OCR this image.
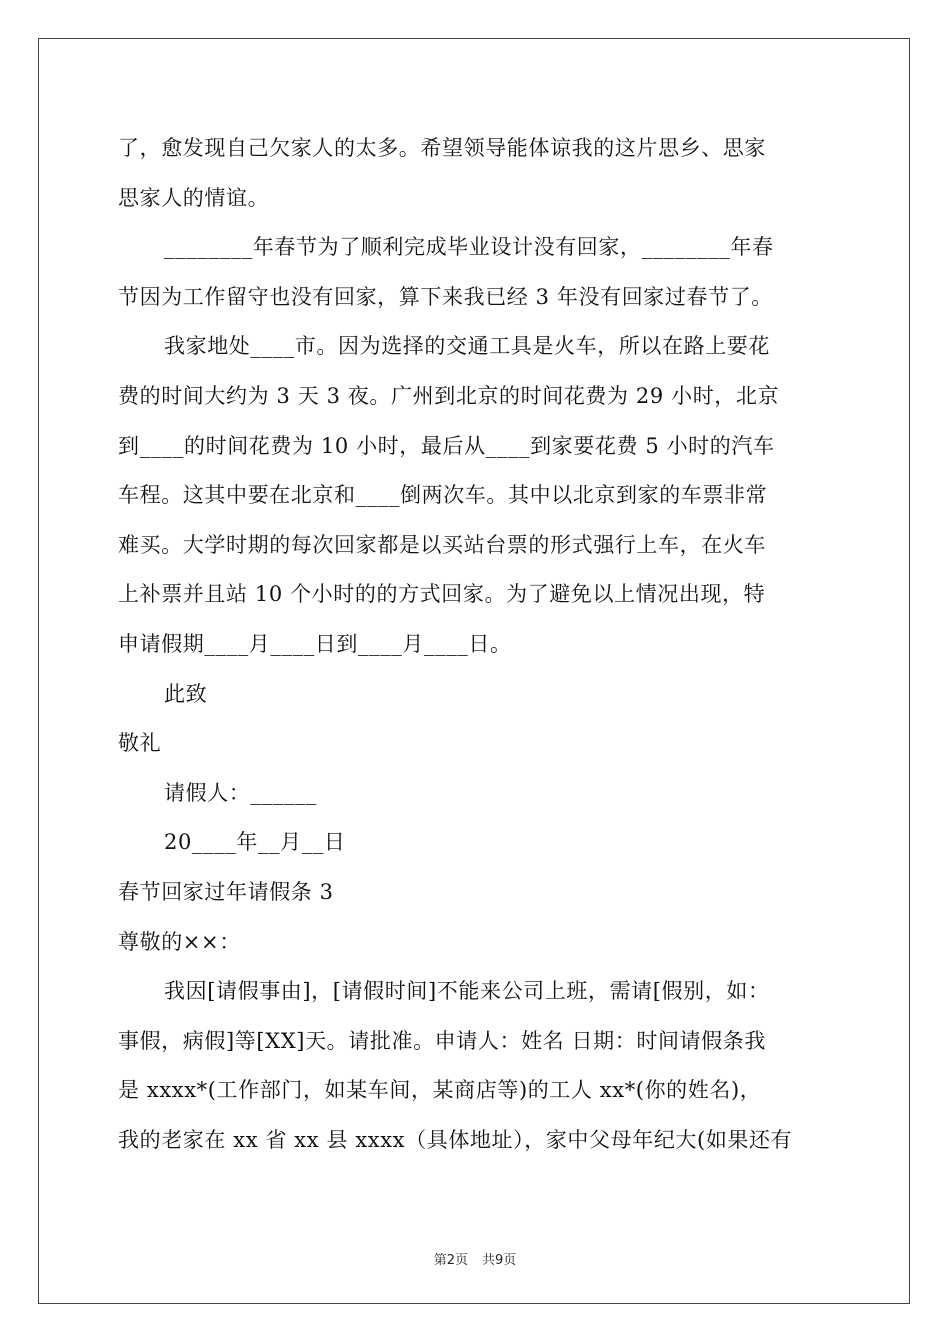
了，愈发现自己欠家人的太多。希望领导能体谅我的这片思乡、思家
思家人的情谊。
________年春节为了顺利完成毕业设计没有回家，________年春
节因为工作留守也没有回家，算下来我已经 3 年没有回家过春节了。
我家地处____市。因为选择的交通工具是火车，所以在路上要花
费的时间大约为 3 天 3 夜。广州到北京的时间花费为 29 小时，北京
到____的时间花费为 10 小时，最后从____到家要花费 5 小时的汽车
车程。这其中要在北京和____倒两次车。其中以北京到家的车票非常
难买。大学时期的每次回家都是以买站台票的形式强行上车，在火车
上补票并且站 10 个小时的的方式回家。为了避免以上情况出现，特
申请假期____月____日到____月____日。
此致
敬礼
请假人：______
20____年__月__日
春节回家过年请假条 3
尊敬的××：
我因[请假事由]，[请假时间]不能来公司上班，需请[假别，如：
事假，病假]等[XX]天。请批准。申请人：姓名 日期：时间请假条我
是 xxxx*(工作部门，如某车间，某商店等)的工人 xx*(你的姓名)，
我的老家在 xx 省 xx 县 xxxx（具体地址），家中父母年纪大(如果还有
第2页 共9页
